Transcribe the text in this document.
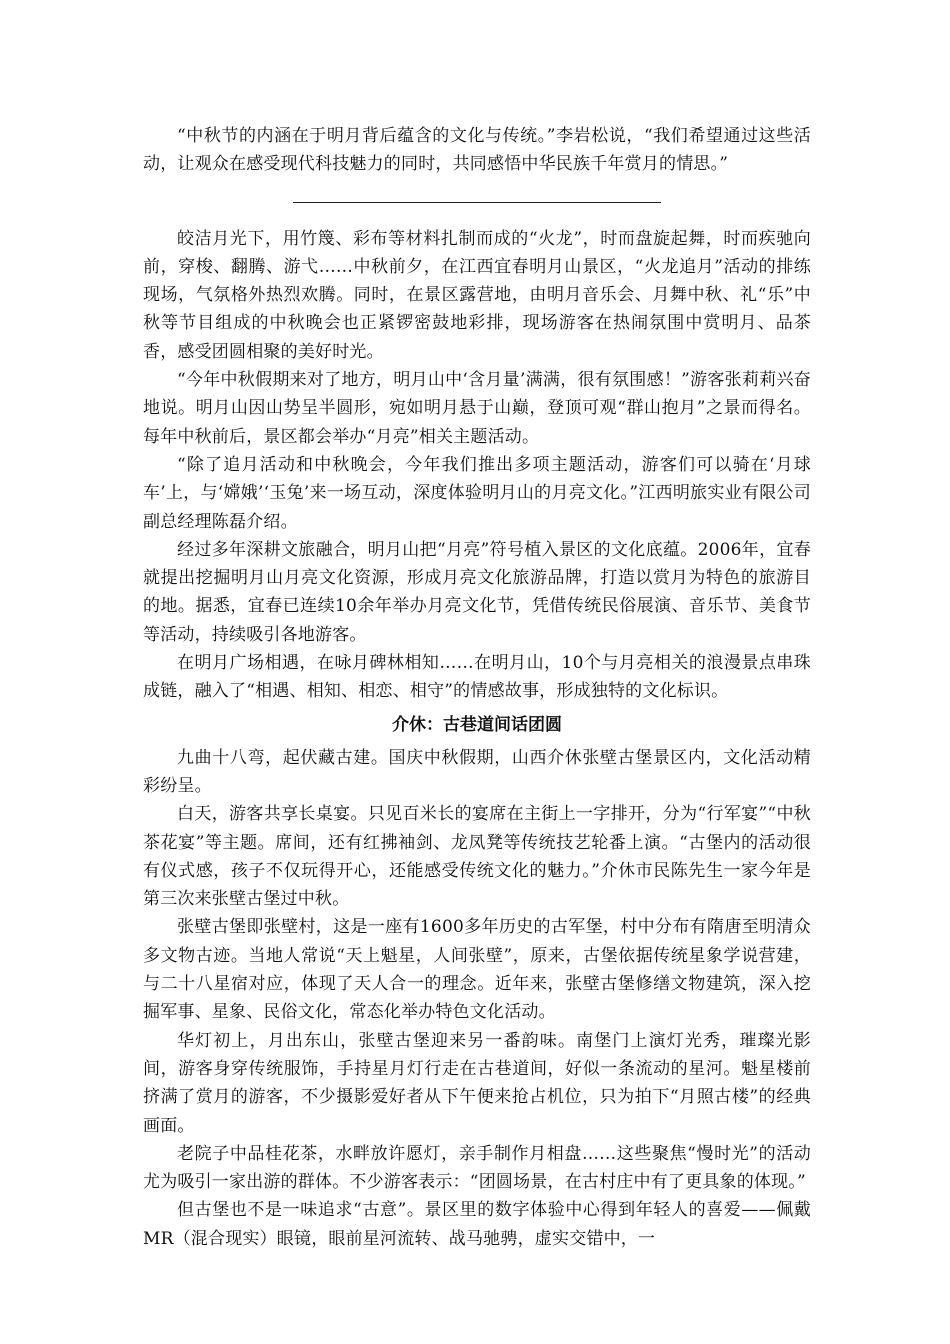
“中秋节的内涵在于明月背后蕴含的文化与传统。”李岩松说，“我们希望通过这些活动，让观众在感受现代科技魅力的同时，共同感悟中华民族千年赏月的情思。”

皎洁月光下，用竹篾、彩布等材料扎制而成的“火龙”，时而盘旋起舞，时而疾驰向前，穿梭、翻腾、游弋……中秋前夕，在江西宜春明月山景区，“火龙追月”活动的排练现场，气氛格外热烈欢腾。同时，在景区露营地，由明月音乐会、月舞中秋、礼“乐”中秋等节目组成的中秋晚会也正紧锣密鼓地彩排，现场游客在热闹氛围中赏明月、品茶香，感受团圆相聚的美好时光。

“今年中秋假期来对了地方，明月山中‘含月量’满满，很有氛围感！”游客张莉莉兴奋地说。明月山因山势呈半圆形，宛如明月悬于山巅，登顶可观“群山抱月”之景而得名。每年中秋前后，景区都会举办“月亮”相关主题活动。

“除了追月活动和中秋晚会，今年我们推出多项主题活动，游客们可以骑在‘月球车’上，与‘嫦娥’‘玉兔’来一场互动，深度体验明月山的月亮文化。”江西明旅实业有限公司副总经理陈磊介绍。

经过多年深耕文旅融合，明月山把“月亮”符号植入景区的文化底蕴。2006年，宜春就提出挖掘明月山月亮文化资源，形成月亮文化旅游品牌，打造以赏月为特色的旅游目的地。据悉，宜春已连续10余年举办月亮文化节，凭借传统民俗展演、音乐节、美食节等活动，持续吸引各地游客。

在明月广场相遇，在咏月碑林相知……在明月山，10个与月亮相关的浪漫景点串珠成链，融入了“相遇、相知、相恋、相守”的情感故事，形成独特的文化标识。

介休：古巷道间话团圆

九曲十八弯，起伏藏古建。国庆中秋假期，山西介休张壁古堡景区内，文化活动精彩纷呈。

白天，游客共享长桌宴。只见百米长的宴席在主街上一字排开，分为“行军宴”“中秋茶花宴”等主题。席间，还有红拂袖剑、龙凤凳等传统技艺轮番上演。“古堡内的活动很有仪式感，孩子不仅玩得开心，还能感受传统文化的魅力。”介休市民陈先生一家今年是第三次来张壁古堡过中秋。

张壁古堡即张壁村，这是一座有1600多年历史的古军堡，村中分布有隋唐至明清众多文物古迹。当地人常说“天上魁星，人间张壁”，原来，古堡依据传统星象学说营建，与二十八星宿对应，体现了天人合一的理念。近年来，张壁古堡修缮文物建筑，深入挖掘军事、星象、民俗文化，常态化举办特色文化活动。

华灯初上，月出东山，张壁古堡迎来另一番韵味。南堡门上演灯光秀，璀璨光影间，游客身穿传统服饰，手持星月灯行走在古巷道间，好似一条流动的星河。魁星楼前挤满了赏月的游客，不少摄影爱好者从下午便来抢占机位，只为拍下“月照古楼”的经典画面。

老院子中品桂花茶，水畔放许愿灯，亲手制作月相盘……这些聚焦“慢时光”的活动尤为吸引一家出游的群体。不少游客表示：“团圆场景，在古村庄中有了更具象的体现。”

但古堡也不是一味追求“古意”。景区里的数字体验中心得到年轻人的喜爱——佩戴MR（混合现实）眼镜，眼前星河流转、战马驰骋，虚实交错中，一
